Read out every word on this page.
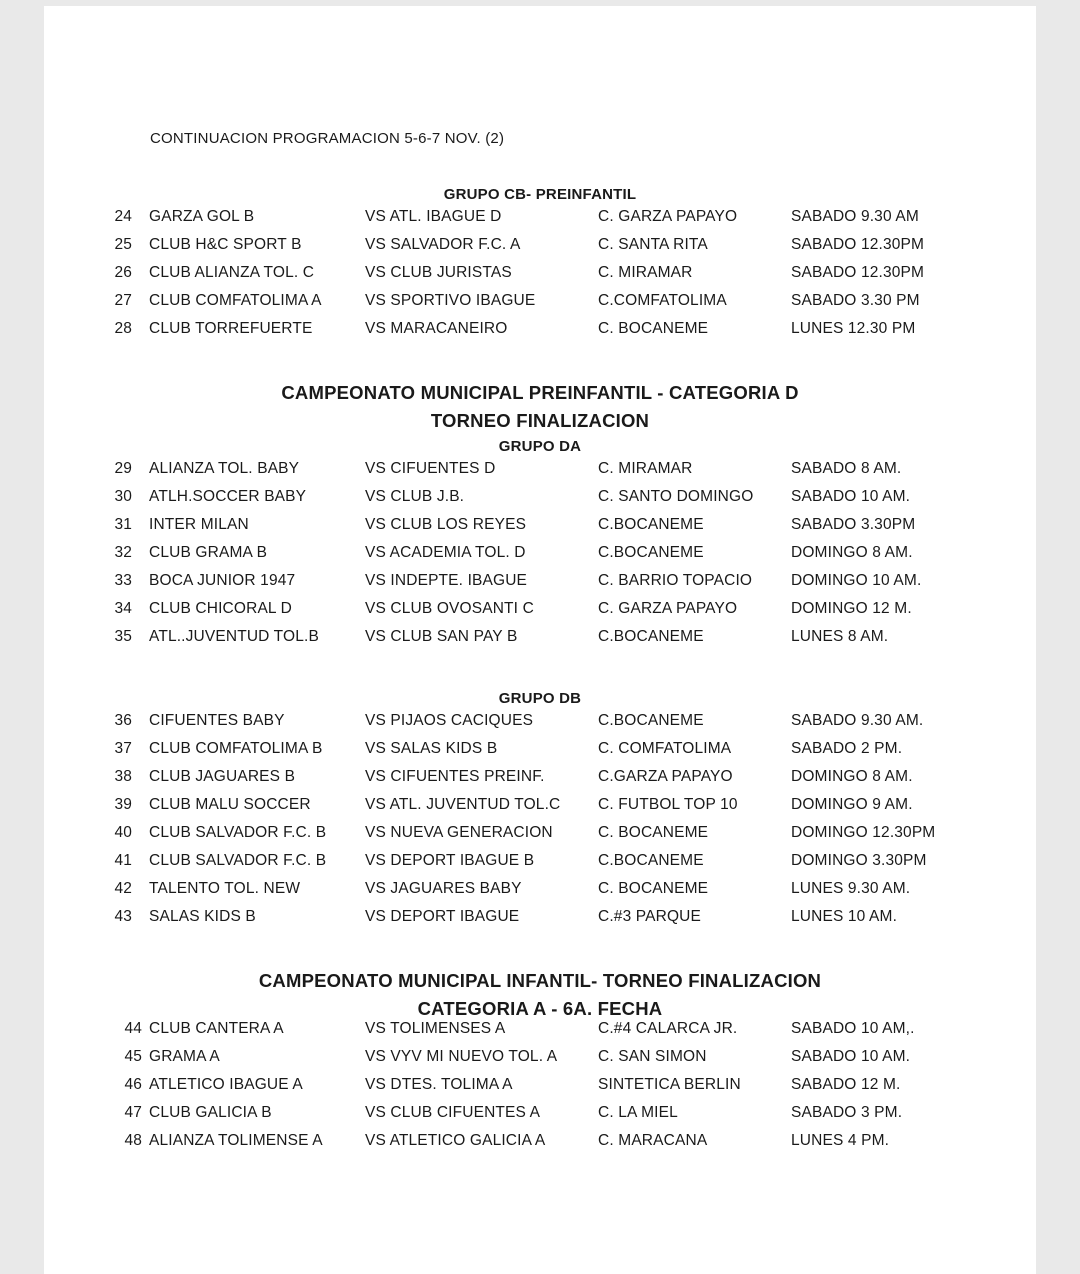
CONTINUACION PROGRAMACION 5-6-7 NOV. (2)
GRUPO CB- PREINFANTIL
24 GARZA GOL B	VS ATL. IBAGUE D	C. GARZA PAPAYO	SABADO 9.30 AM
25 CLUB H&C SPORT B	VS SALVADOR F.C. A	C. SANTA RITA	SABADO 12.30PM
26 CLUB ALIANZA TOL. C	VS CLUB JURISTAS	C. MIRAMAR	SABADO 12.30PM
27 CLUB COMFATOLIMA A	VS SPORTIVO IBAGUE	C.COMFATOLIMA	SABADO 3.30 PM
28 CLUB TORREFUERTE	VS MARACANEIRO	C. BOCANEME	LUNES 12.30 PM
CAMPEONATO MUNICIPAL PREINFANTIL - CATEGORIA D
TORNEO FINALIZACION
GRUPO DA
29 ALIANZA TOL. BABY	VS CIFUENTES D	C. MIRAMAR	SABADO 8 AM.
30 ATLH.SOCCER BABY	VS CLUB J.B.	C. SANTO DOMINGO SABADO 10 AM.
31 INTER MILAN	VS CLUB LOS REYES	C.BOCANEME	SABADO 3.30PM
32 CLUB GRAMA B	VS ACADEMIA TOL. D	C.BOCANEME	DOMINGO 8 AM.
33 BOCA JUNIOR 1947	VS INDEPTE. IBAGUE	C. BARRIO TOPACIO	DOMINGO 10 AM.
34 CLUB CHICORAL D	VS CLUB OVOSANTI C	C. GARZA PAPAYO	DOMINGO 12 M.
35 ATL..JUVENTUD TOL.B	VS CLUB SAN PAY B	C.BOCANEME	LUNES 8 AM.
GRUPO DB
36 CIFUENTES BABY	VS PIJAOS CACIQUES	C.BOCANEME	SABADO 9.30 AM.
37 CLUB COMFATOLIMA B	VS SALAS KIDS B	C. COMFATOLIMA	SABADO 2 PM.
38 CLUB JAGUARES B	VS CIFUENTES PREINF.	C.GARZA PAPAYO	DOMINGO 8 AM.
39 CLUB MALU SOCCER	VS ATL. JUVENTUD TOL.C C. FUTBOL TOP 10	DOMINGO 9 AM.
40 CLUB SALVADOR F.C. B VS NUEVA GENERACION	C. BOCANEME	DOMINGO 12.30PM
41 CLUB SALVADOR F.C. B VS DEPORT IBAGUE B	C.BOCANEME	DOMINGO 3.30PM
42 TALENTO TOL. NEW	VS JAGUARES BABY	C. BOCANEME	LUNES 9.30 AM.
43 SALAS KIDS B	VS DEPORT IBAGUE	C.#3 PARQUE	LUNES 10 AM.
CAMPEONATO MUNICIPAL INFANTIL- TORNEO FINALIZACION
CATEGORIA A - 6A. FECHA
44 CLUB CANTERA A	VS TOLIMENSES A	C.#4 CALARCA JR.	SABADO 10 AM,.
45 GRAMA A	VS VYV MI NUEVO TOL. A	C. SAN SIMON	SABADO 10 AM.
46 ATLETICO IBAGUE A	VS DTES. TOLIMA A	SINTETICA BERLIN	SABADO 12 M.
47 CLUB GALICIA B	VS CLUB CIFUENTES A	C. LA MIEL	SABADO 3 PM.
48 ALIANZA TOLIMENSE A	VS ATLETICO GALICIA A	C. MARACANA	LUNES 4 PM.
